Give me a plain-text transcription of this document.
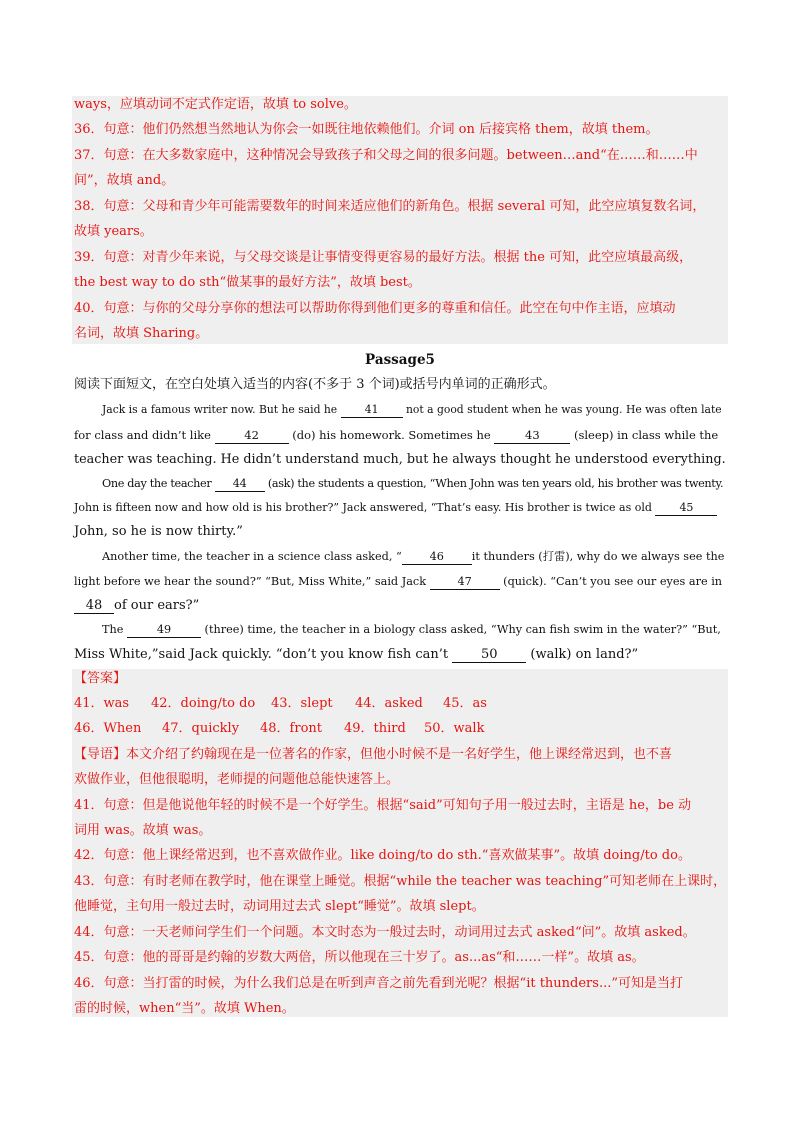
ways，应填动词不定式作定语，故填 to solve。
36．句意：他们仍然想当然地认为你会一如既往地依赖他们。介词 on 后接宾格 them，故填 them。
37．句意：在大多数家庭中，这种情况会导致孩子和父母之间的很多问题。between…and“在……和……中
间”，故填 and。
38．句意：父母和青少年可能需要数年的时间来适应他们的新角色。根据 several 可知，此空应填复数名词，
故填 years。
39．句意：对青少年来说，与父母交谈是让事情变得更容易的最好方法。根据 the 可知，此空应填最高级，
the best way to do sth“做某事的最好方法”，故填 best。
40．句意：与你的父母分享你的想法可以帮助你得到他们更多的尊重和信任。此空在句中作主语，应填动
名词，故填 Sharing。
Passage5
阅读下面短文，在空白处填入适当的内容(不多于 3 个词)或括号内单词的正确形式。
Jack is a famous writer now. But he said he 41 not a good student when he was young. He was often late
for class and didn’t like	42	(do) his homework. Sometimes he	43	(sleep) in class while the
teacher was teaching. He didn’t understand much, but he always thought he understood everything.
One day the teacher 44 (ask) the students a question, “When John was ten years old, his brother was twenty.
John is fifteen now and how old is his brother?” Jack answered, “That’s easy. His brother is twice as old 45
John, so he is now thirty.”
Another time, the teacher in a science class asked, “ 46 it thunders (打雷), why do we always see the
light before we hear the sound?” “But, Miss White,” said Jack 47 (quick). “Can’t you see our eyes are in
48 of our ears?”
The	49	(three) time, the teacher in a biology class asked, “Why can fish swim in the water?” “But,
Miss White,”said Jack quickly. “don’t you know fish can’t 50 (walk) on land?”
【答案】
41．was 42．doing/to do 43．slept 44．asked 45．as
46．When 47．quickly 48．front 49．third 50．walk
【导语】本文介绍了约翰现在是一位著名的作家，但他小时候不是一名好学生，他上课经常迟到，也不喜
欢做作业，但他很聪明，老师提的问题他总能快速答上。
41．句意：但是他说他年轻的时候不是一个好学生。根据“said”可知句子用一般过去时，主语是 he，be 动
词用 was。故填 was。
42．句意：他上课经常迟到，也不喜欢做作业。like doing/to do sth.“喜欢做某事”。故填 doing/to do。
43．句意：有时老师在教学时，他在课堂上睡觉。根据“while the teacher was teaching”可知老师在上课时，
他睡觉，主句用一般过去时，动词用过去式 slept“睡觉”。故填 slept。
44．句意：一天老师问学生们一个问题。本文时态为一般过去时，动词用过去式 asked“问”。故填 asked。
45．句意：他的哥哥是约翰的岁数大两倍，所以他现在三十岁了。as...as“和……一样”。故填 as。
46．句意：当打雷的时候，为什么我们总是在听到声音之前先看到光呢？根据“it thunders...”可知是当打
雷的时候，when“当”。故填 When。
